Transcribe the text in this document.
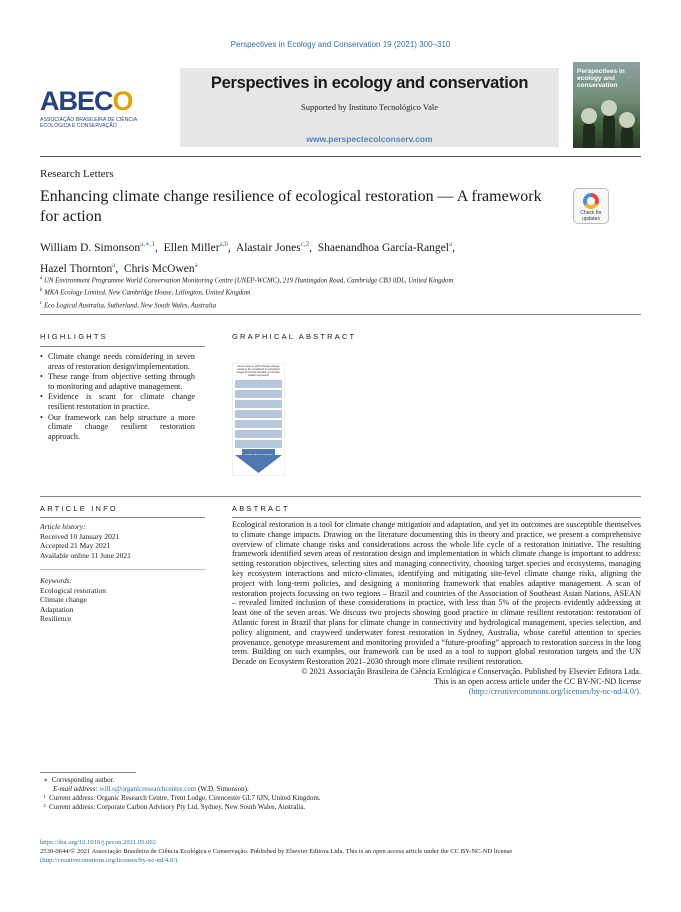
Perspectives in Ecology and Conservation 19 (2021) 300–310
ABECO
ASSOCIAÇÃO BRASILEIRA DE CIÊNCIA
ECOLÓGICA E CONSERVAÇÃO
Perspectives in ecology and conservation
Supported by Instituto Tecnológico Vale
www.perspectecolconserv.com
Perspectives in ecology and conservation
Research Letters
Enhancing climate change resilience of ecological restoration — A framework for action	Check for
updates
William D. Simonson$^{a,∗,1}$,  Ellen Miller$^{a,b}$,  Alastair Jones$^{c,2}$,  Shaenandhoa García-Rangel$^a$,
Hazel Thornton$^a$,  Chris McOwen$^a$
$^a$ UN Environment Programme World Conservation Monitoring Centre (UNEP-WCMC), 219 Huntingdon Road, Cambridge CB3 0DL, United Kingdom
$^b$ MKA Ecology Limited, New Cambridge House, Litlington, United Kingdom
$^c$ Eco Logical Australia, Sutherland, New South Wales, Australia
HIGHLIGHTS
• Climate change needs considering in seven areas of restoration design/implementation.
• These range from objective setting through to monitoring and adaptive management.
• Evidence is scant for climate change resilient restoration in practice.
• Our framework can help structure a more climate change resilient restoration approach.
GRAPHICAL ABSTRACT
Seven ways in which climate change needs to be considered in restoration design and implementation (a climate-resilient approach)
Climate resilient restoration
ARTICLE INFO	ABSTRACT
Article history:
Received 10 January 2021
Accepted 21 May 2021
Available online 11 June 2021
Keywords:
Ecological restoration
Climate change
Adaptation
Resilience
Ecological restoration is a tool for climate change mitigation and adaptation, and yet its outcomes are susceptible themselves to climate change impacts. Drawing on the literature documenting this in theory and practice, we present a comprehensive overview of climate change risks and considerations across the whole life cycle of a restoration initiative. The resulting framework identified seven areas of restoration design and implementation in which climate change is important to address: setting restoration objectives, selecting sites and managing connectivity, choosing target species and ecosystems, managing key ecosystem interactions and micro-climates, identifying and mitigating site-level climate change risks, aligning the project with long-term policies, and designing a monitoring framework that enables adaptive management. A scan of restoration projects focussing on two regions – Brazil and countries of the Association of Southeast Asian Nations, ASEAN – revealed limited inclusion of these considerations in practice, with less than 5% of the projects evidently addressing at least one of the seven areas. We discuss two projects showing good practice in climate resilient restoration: restoration of Atlantic forest in Brazil that plans for climate change in connectivity and hydrological management, species selection, and policy alignment, and crayweed underwater forest restoration in Sydney, Australia, whose careful attention to species provenance, genotype measurement and monitoring provided a “future-proofing” approach to restoration success in the long term. Building on such examples, our framework can be used as a tool to support global restoration targets and the UN Decade on Ecosystem Restoration 2021–2030 through more climate resilient restoration.
© 2021 Associação Brasileira de Ciência Ecológica e Conservação. Published by Elsevier Editora Ltda.
This is an open access article under the CC BY-NC-ND license
(http://creativecommons.org/licenses/by-nc-nd/4.0/).
∗  Corresponding author.
E-mail address: will.s@organicresearchcentre.com (W.D. Simonson).
¹  Current address: Organic Research Centre, Trent Lodge, Cirencester GL7 6JN, United Kingdom.
²  Current address: Corporate Carbon Advisory Pty Ltd, Sydney, New South Wales, Australia.
https://doi.org/10.1016/j.pecon.2021.05.002
2530-0644/© 2021 Associação Brasileira de Ciência Ecológica e Conservação. Published by Elsevier Editora Ltda. This is an open access article under the CC BY-NC-ND license
(http://creativecommons.org/licenses/by-nc-nd/4.0/).
